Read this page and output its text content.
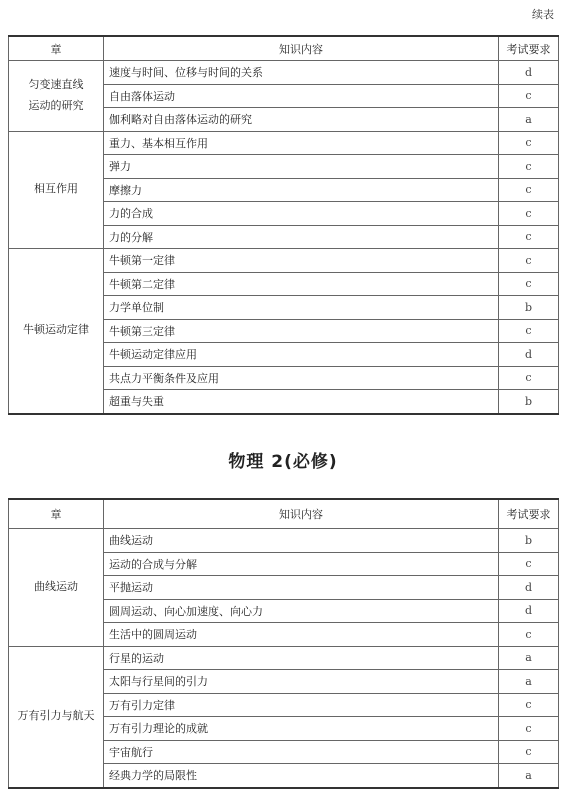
续表
章	知识内容	考试要求
匀变速直线
运动的研究	速度与时间、位移与时间的关系	d
	自由落体运动	c
	伽利略对自由落体运动的研究	a
相互作用	重力、基本相互作用	c
	弹力	c
	摩擦力	c
	力的合成	c
	力的分解	c
牛顿运动定律	牛顿第一定律	c
	牛顿第二定律	c
	力学单位制	b
	牛顿第三定律	c
	牛顿运动定律应用	d
	共点力平衡条件及应用	c
	超重与失重	b
物理 2(必修)
章	知识内容	考试要求
曲线运动	曲线运动	b
	运动的合成与分解	c
	平抛运动	d
	圆周运动、向心加速度、向心力	d
	生活中的圆周运动	c
万有引力与航天	行星的运动	a
	太阳与行星间的引力	a
	万有引力定律	c
	万有引力理论的成就	c
	宇宙航行	c
	经典力学的局限性	a
